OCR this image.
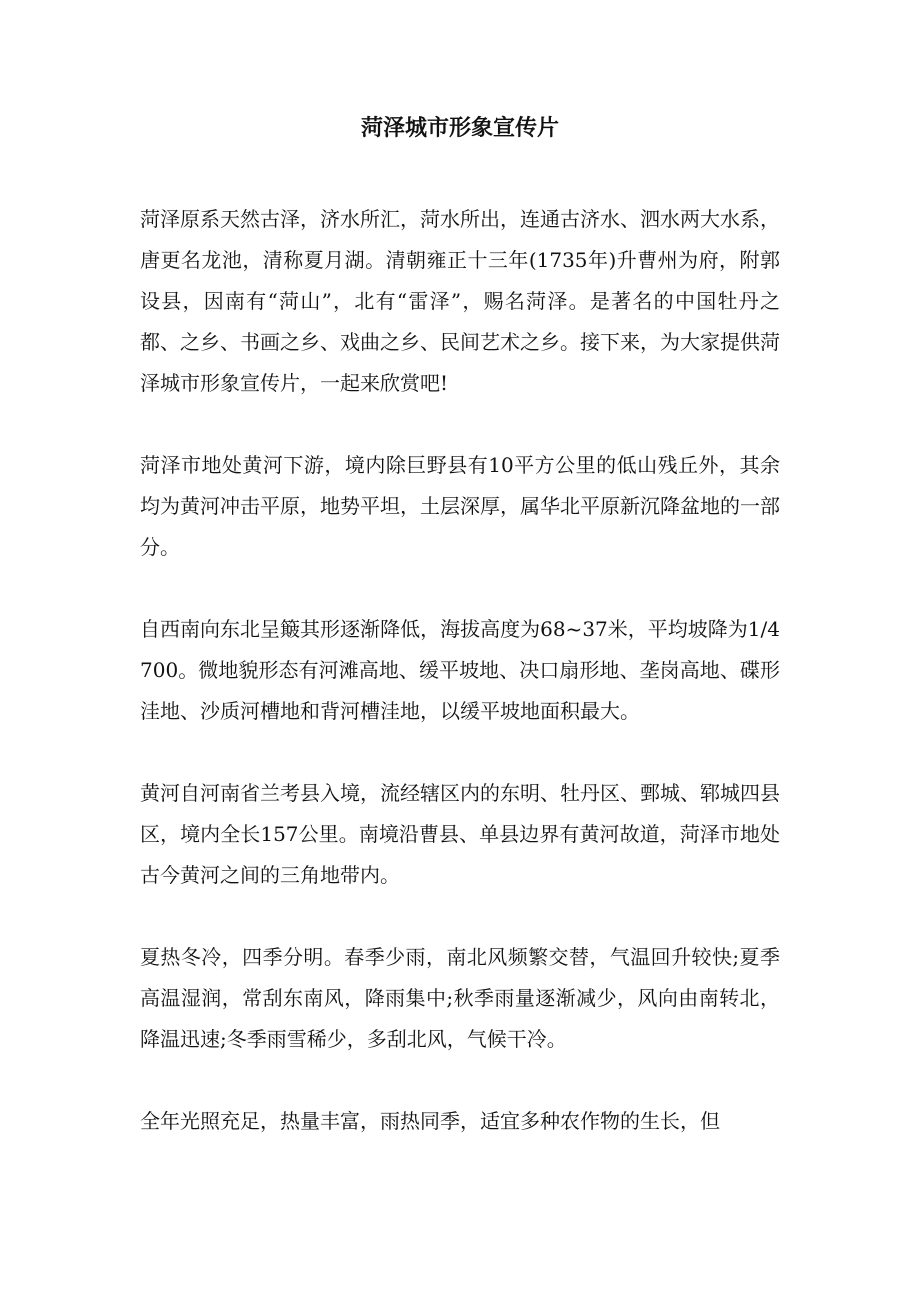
菏泽城市形象宣传片

菏泽原系天然古泽，济水所汇，菏水所出，连通古济水、泗水两大水系，唐更名龙池，清称夏月湖。清朝雍正十三年(1735年)升曹州为府，附郭设县，因南有“菏山”，北有“雷泽”，赐名菏泽。是著名的中国牡丹之都、之乡、书画之乡、戏曲之乡、民间艺术之乡。接下来，为大家提供菏泽城市形象宣传片，一起来欣赏吧!

菏泽市地处黄河下游，境内除巨野县有10平方公里的低山残丘外，其余均为黄河冲击平原，地势平坦，土层深厚，属华北平原新沉降盆地的一部分。

自西南向东北呈簸其形逐渐降低，海拔高度为68~37米，平均坡降为1/4700。微地貌形态有河滩高地、缓平坡地、决口扇形地、垄岗高地、碟形洼地、沙质河槽地和背河槽洼地，以缓平坡地面积最大。

黄河自河南省兰考县入境，流经辖区内的东明、牡丹区、鄄城、郓城四县区，境内全长157公里。南境沿曹县、单县边界有黄河故道，菏泽市地处古今黄河之间的三角地带内。

夏热冬冷，四季分明。春季少雨，南北风频繁交替，气温回升较快;夏季高温湿润，常刮东南风，降雨集中;秋季雨量逐渐减少，风向由南转北，降温迅速;冬季雨雪稀少，多刮北风，气候干冷。

全年光照充足，热量丰富，雨热同季，适宜多种农作物的生长，但
